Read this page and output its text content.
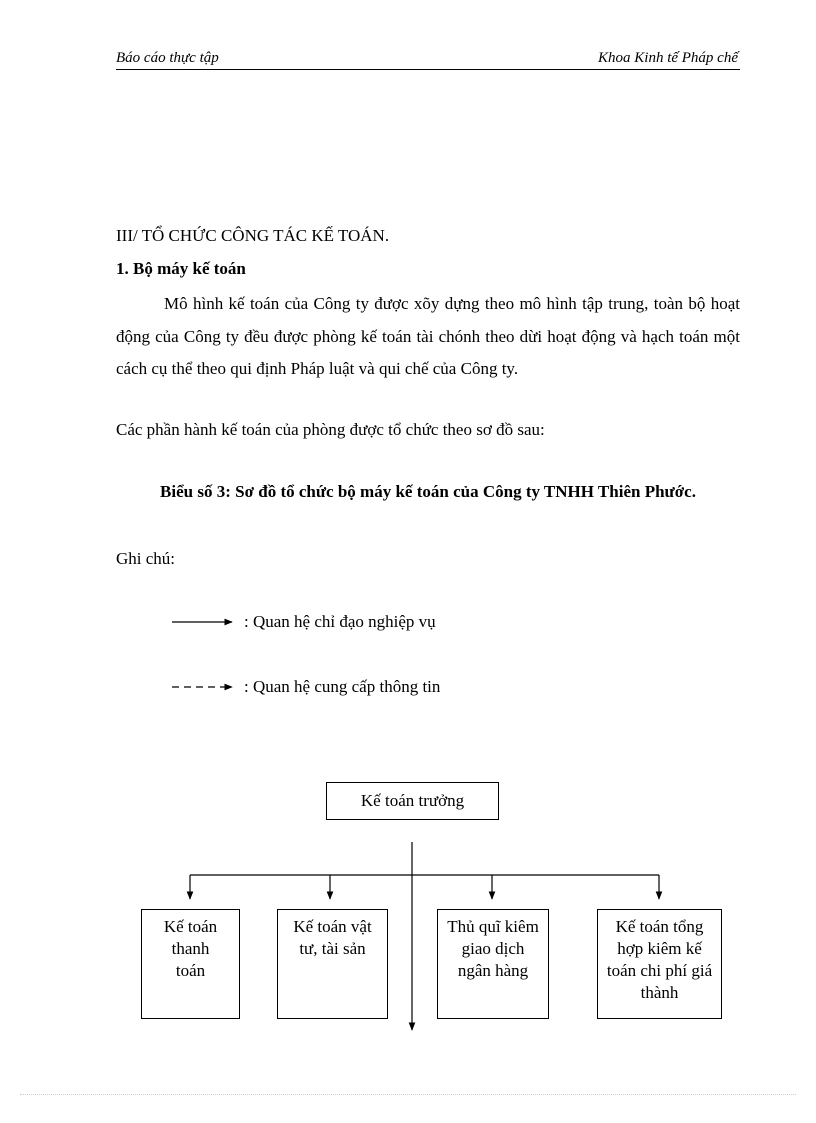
Báo cáo thực tập	Khoa Kinh tế Pháp chế
III/ TỔ CHỨC CÔNG TÁC KẾ TOÁN.
1. Bộ máy kế toán
Mô hình kế toán của Công ty được xõy dựng theo mô hình tập trung, toàn bộ hoạt động của Công ty đều được phòng kế toán tài chónh theo dừi hoạt động và hạch toán một cách cụ thể theo qui định Pháp luật và qui chế của Công ty.
Các phần hành kế toán của phòng được tổ chức theo sơ đồ sau:
Biểu số 3: Sơ đồ tổ chức bộ máy kế toán của Công ty TNHH Thiên Phước.
Ghi chú:
: Quan hệ chỉ đạo nghiệp vụ
: Quan hệ cung cấp thông tin
Kế toán trưởng
Kế toán thanh toán
Kế toán vật tư, tài sản
Thủ quĩ kiêm giao dịch ngân hàng
Kế toán tổng hợp kiêm kế toán chi phí giá thành
